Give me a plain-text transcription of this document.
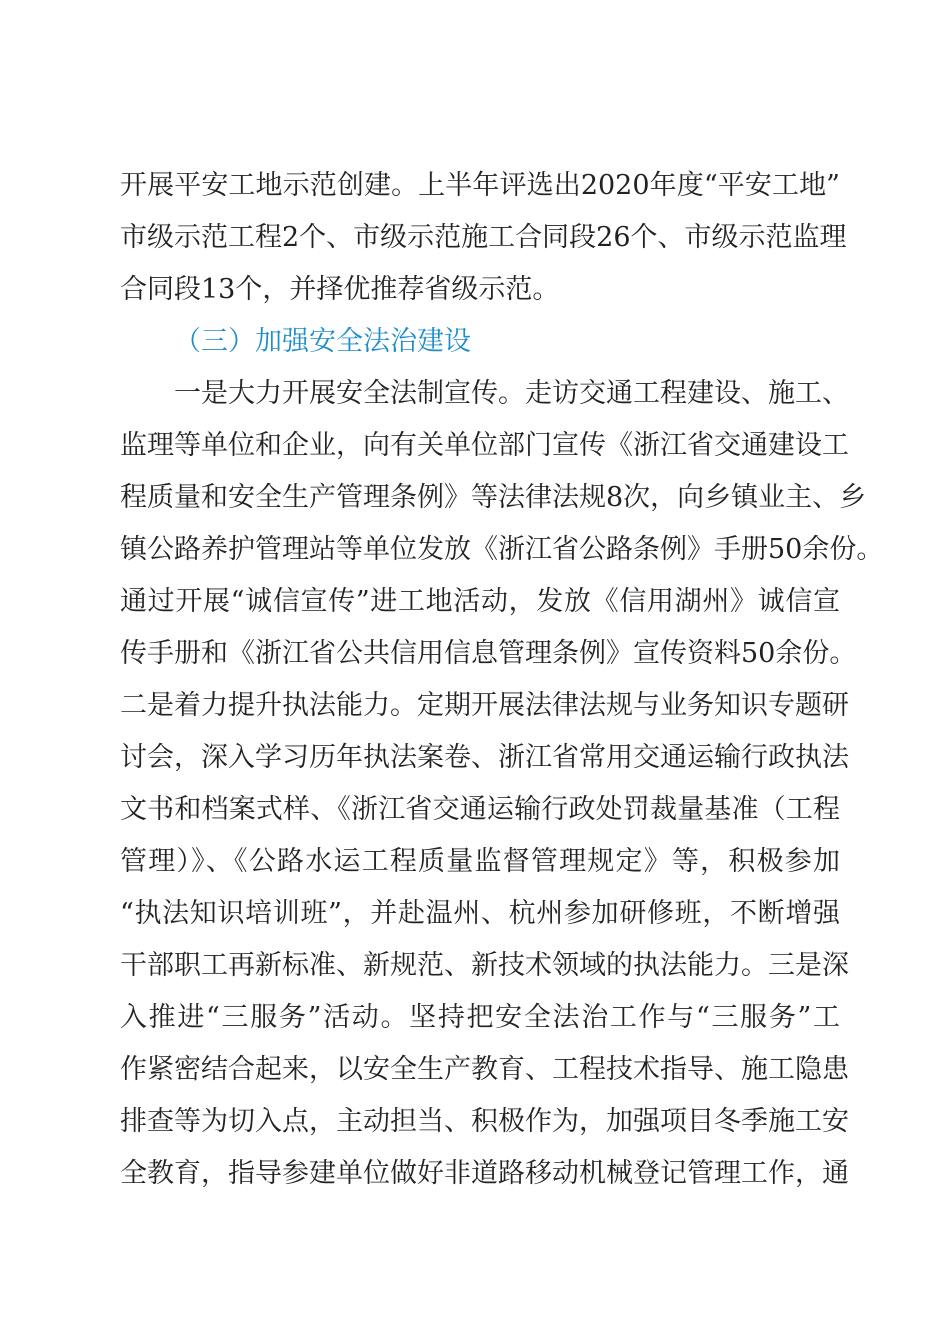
开展平安工地示范创建。上半年评选出2020年度“平安工地”
市级示范工程2个、市级示范施工合同段26个、市级示范监理
合同段13个，并择优推荐省级示范。
（三）加强安全法治建设
一是大力开展安全法制宣传。走访交通工程建设、施工、
监理等单位和企业，向有关单位部门宣传《浙江省交通建设工
程质量和安全生产管理条例》等法律法规8次，向乡镇业主、乡
镇公路养护管理站等单位发放《浙江省公路条例》手册50余份。
通过开展“诚信宣传”进工地活动，发放《信用湖州》诚信宣
传手册和《浙江省公共信用信息管理条例》宣传资料50余份。
二是着力提升执法能力。定期开展法律法规与业务知识专题研
讨会，深入学习历年执法案卷、浙江省常用交通运输行政执法
文书和档案式样、《浙江省交通运输行政处罚裁量基准（工程
管理）》、《公路水运工程质量监督管理规定》等，积极参加
“执法知识培训班”，并赴温州、杭州参加研修班，不断增强
干部职工再新标准、新规范、新技术领域的执法能力。三是深
入推进“三服务”活动。坚持把安全法治工作与“三服务”工
作紧密结合起来，以安全生产教育、工程技术指导、施工隐患
排查等为切入点，主动担当、积极作为，加强项目冬季施工安
全教育，指导参建单位做好非道路移动机械登记管理工作，通
